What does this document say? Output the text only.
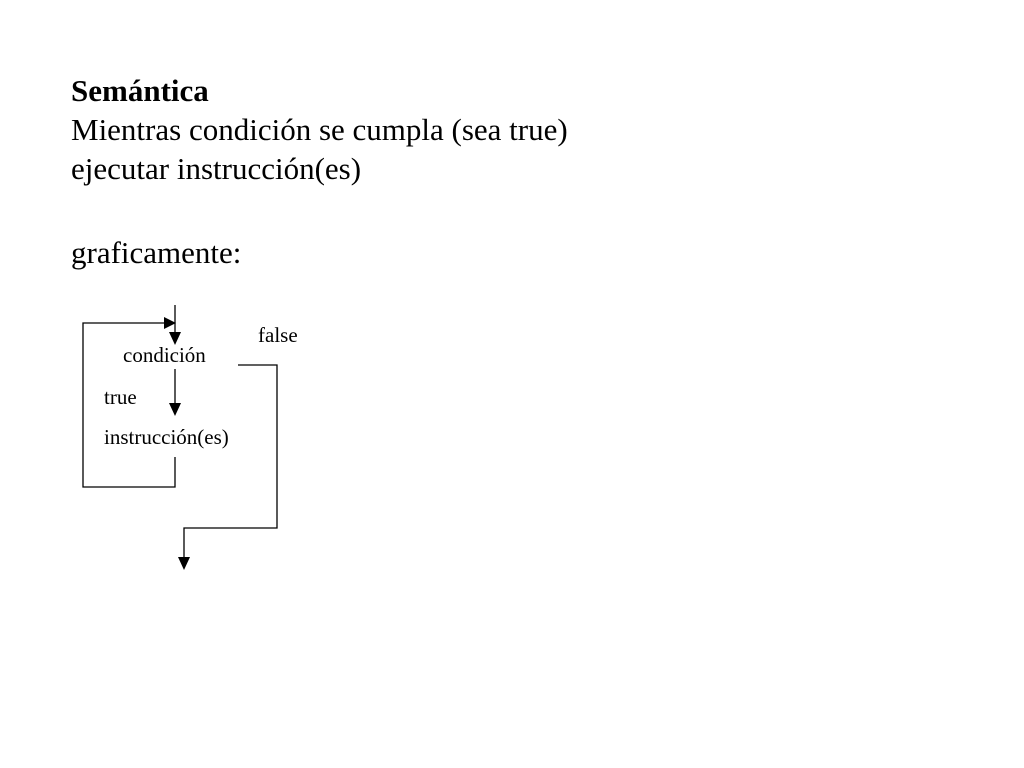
Semántica
Mientras condición se cumpla (sea true)
ejecutar instrucción(es)
graficamente:
condición
false
true
instrucción(es)
